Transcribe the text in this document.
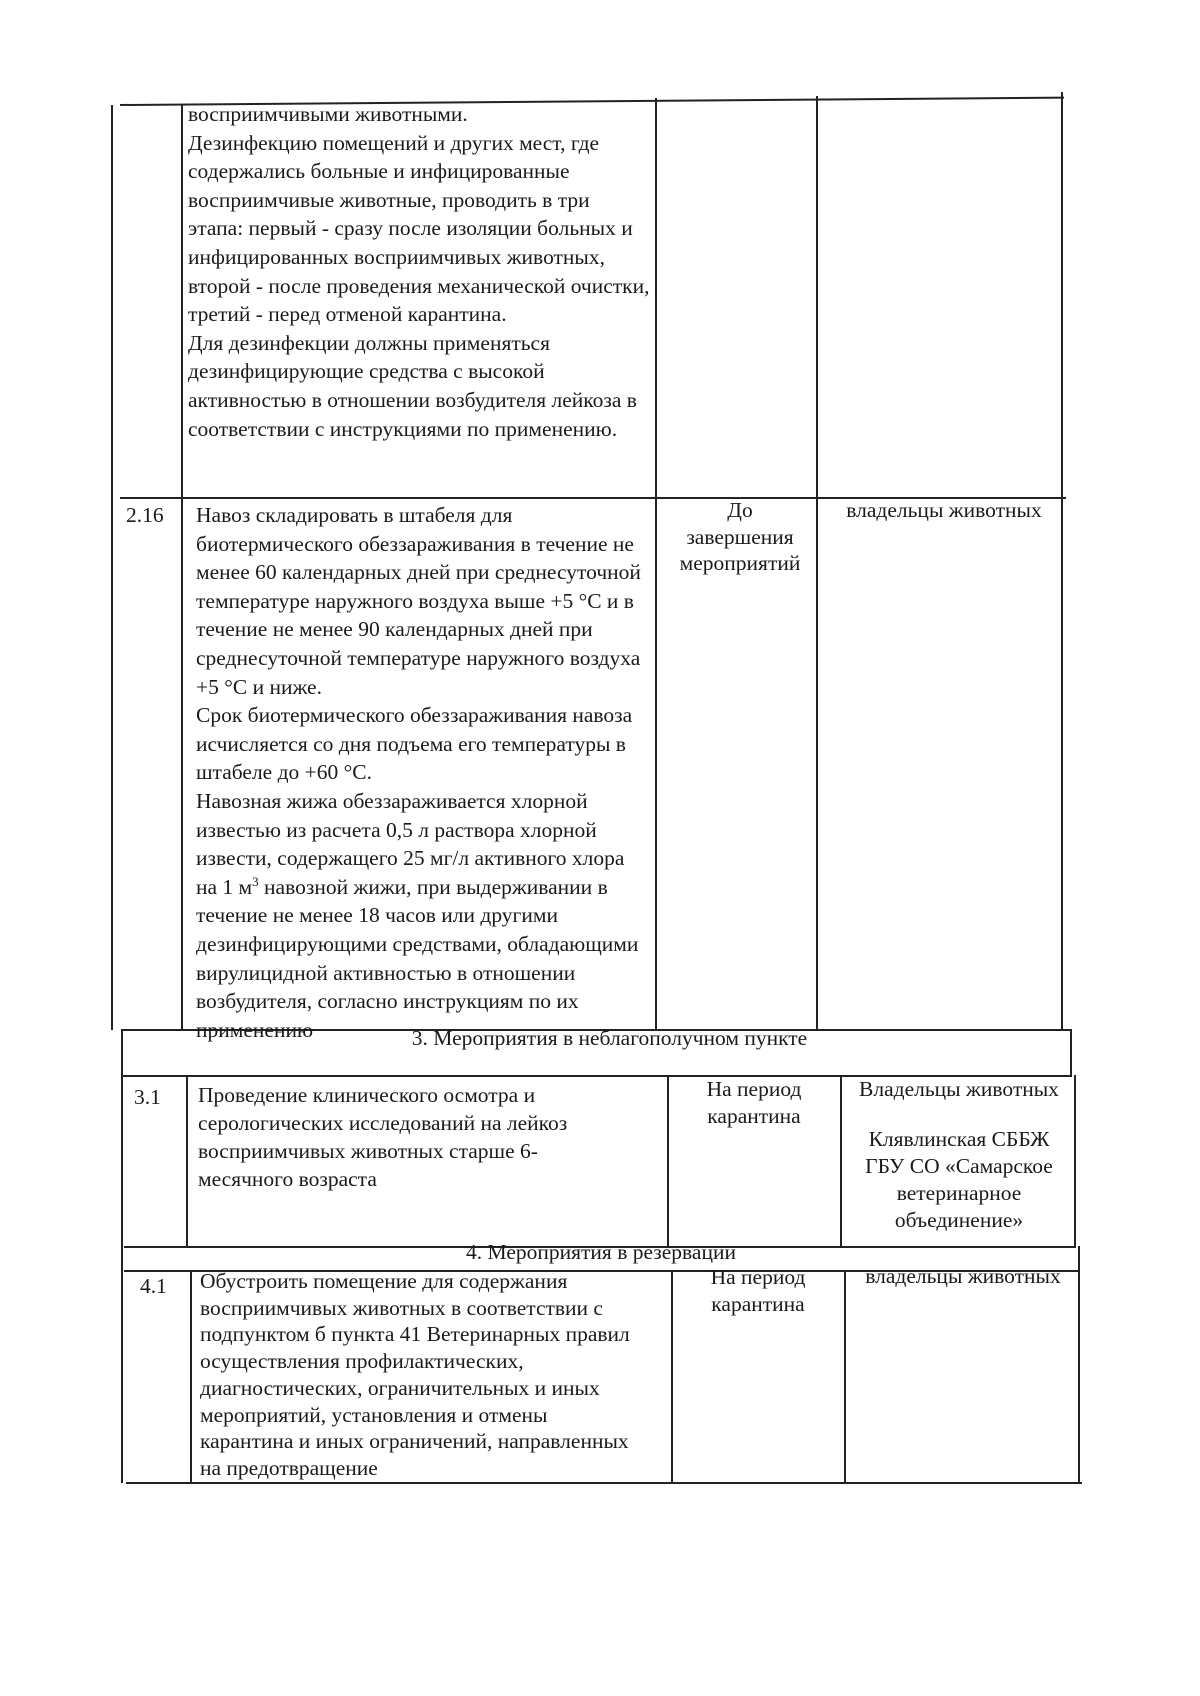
восприимчивыми животными.
Дезинфекцию помещений и других мест, где содержались больные и инфицированные восприимчивые животные, проводить в три этапа: первый - сразу после изоляции больных и инфицированных восприимчивых животных, второй - после проведения механической очистки, третий - перед отменой карантина.
Для дезинфекции должны применяться дезинфицирующие средства с высокой активностью в отношении возбудителя лейкоза в соответствии с инструкциями по применению.
2.16 Навоз складировать в штабеля для биотермического обеззараживания в течение не менее 60 календарных дней при среднесуточной температуре наружного воздуха выше +5 °С и в течение не менее 90 календарных дней при среднесуточной температуре наружного воздуха +5 °С и ниже.
Срок биотермического обеззараживания навоза исчисляется со дня подъема его температуры в штабеле до +60 °С.
Навозная жижа обеззараживается хлорной известью из расчета 0,5 л раствора хлорной извести, содержащего 25 мг/л активного хлора на 1 $м^3$ навозной жижи, при выдерживании в течение не менее 18 часов или другими дезинфицирующими средствами, обладающими вирулицидной активностью в отношении возбудителя, согласно инструкциям по их применению
До
завершения
мероприятий
владельцы животных
3. Мероприятия в неблагополучном пункте
3.1 Проведение клинического осмотра и серологических исследований на лейкоз восприимчивых животных старше 6-месячного возраста
На период
карантина
Владельцы животных
Клявлинская СББЖ
ГБУ СО «Самарское
ветеринарное
объединение»
4. Мероприятия в резервации
4.1 Обустроить помещение для содержания восприимчивых животных в соответствии с подпунктом б пункта 41 Ветеринарных правил осуществления профилактических, диагностических, ограничительных и иных мероприятий, установления и отмены карантина и иных ограничений, направленных на предотвращение
На период
карантина
владельцы животных
